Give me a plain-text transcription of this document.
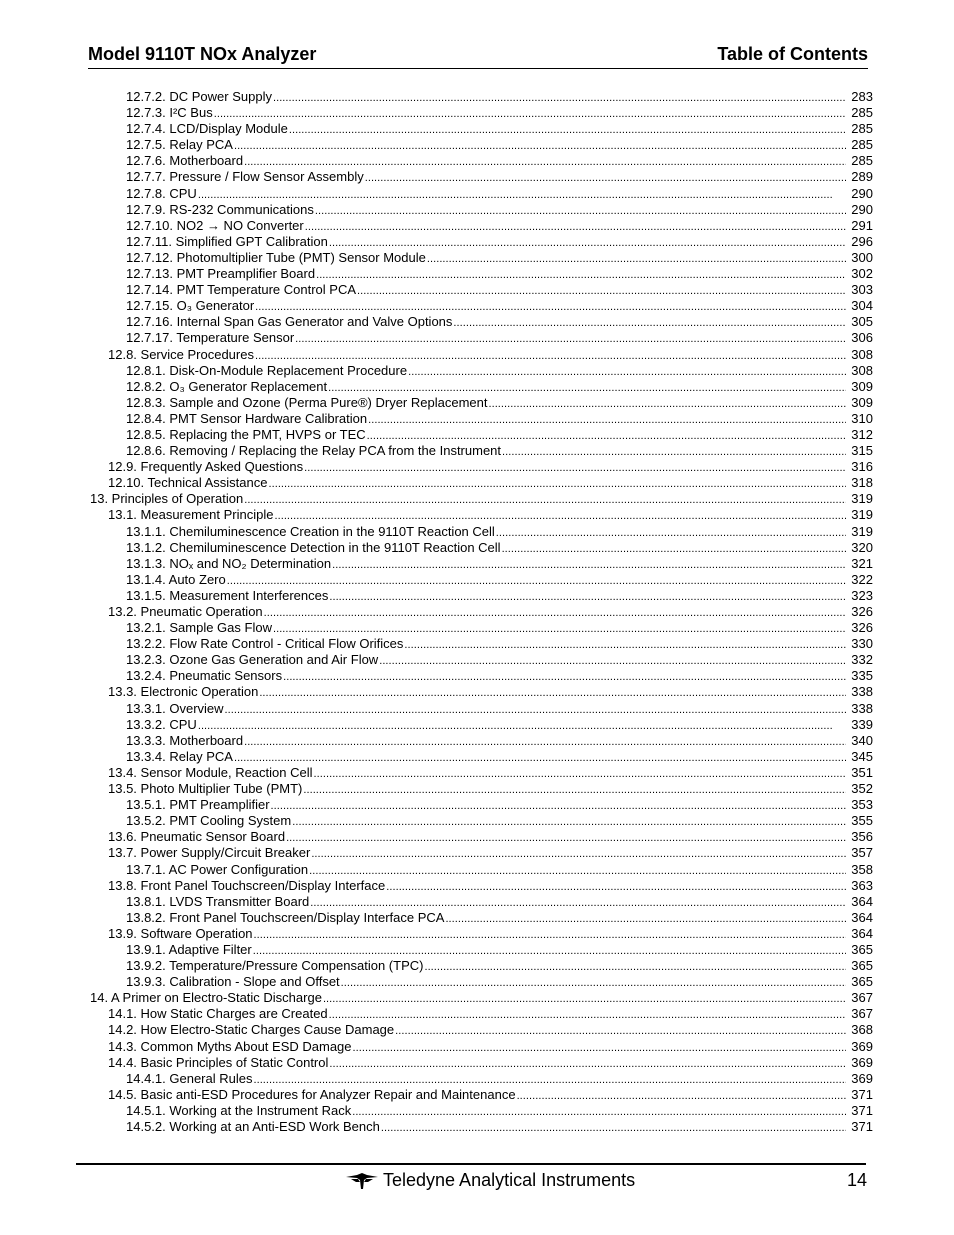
Model 9110T NOx Analyzer	Table of Contents
12.7.2. DC Power Supply . . .	283
12.7.3. I²C Bus . . .	285
12.7.4. LCD/Display Module . . .	285
12.7.5. Relay PCA . . .	285
12.7.6. Motherboard . . .	285
12.7.7. Pressure / Flow Sensor Assembly . . .	289
12.7.8. CPU . . .	290
12.7.9. RS-232 Communications . . .	290
12.7.10. NO2 → NO Converter . . .	291
12.7.11. Simplified GPT Calibration . . .	296
12.7.12. Photomultiplier Tube (PMT) Sensor Module . . .	300
12.7.13. PMT Preamplifier Board . . .	302
12.7.14. PMT Temperature Control PCA . . .	303
12.7.15. O₃ Generator . . .	304
12.7.16. Internal Span Gas Generator and Valve Options . . .	305
12.7.17. Temperature Sensor . . .	306
12.8. Service Procedures . . .	308
12.8.1. Disk-On-Module Replacement Procedure . . .	308
12.8.2. O₃ Generator Replacement . . .	309
12.8.3. Sample and Ozone (Perma Pure®) Dryer Replacement . . .	309
12.8.4. PMT Sensor Hardware Calibration . . .	310
12.8.5. Replacing the PMT, HVPS or TEC . . .	312
12.8.6. Removing / Replacing the Relay PCA from the Instrument . . .	315
12.9. Frequently Asked Questions . . .	316
12.10. Technical Assistance . . .	318
13. Principles of Operation . . .	319
13.1. Measurement Principle . . .	319
13.1.1. Chemiluminescence Creation in the 9110T Reaction Cell . . .	319
13.1.2. Chemiluminescence Detection in the 9110T Reaction Cell . . .	320
13.1.3. NOₓ and NO₂ Determination . . .	321
13.1.4. Auto Zero . . .	322
13.1.5. Measurement Interferences . . .	323
13.2. Pneumatic Operation . . .	326
13.2.1. Sample Gas Flow . . .	326
13.2.2. Flow Rate Control - Critical Flow Orifices . . .	330
13.2.3. Ozone Gas Generation and Air Flow . . .	332
13.2.4. Pneumatic Sensors . . .	335
13.3. Electronic Operation . . .	338
13.3.1. Overview . . .	338
13.3.2. CPU . . .	339
13.3.3. Motherboard . . .	340
13.3.4. Relay PCA . . .	345
13.4. Sensor Module, Reaction Cell . . .	351
13.5. Photo Multiplier Tube (PMT) . . .	352
13.5.1. PMT Preamplifier . . .	353
13.5.2. PMT Cooling System . . .	355
13.6. Pneumatic Sensor Board . . .	356
13.7. Power Supply/Circuit Breaker . . .	357
13.7.1. AC Power Configuration . . .	358
13.8. Front Panel Touchscreen/Display Interface . . .	363
13.8.1. LVDS Transmitter Board . . .	364
13.8.2. Front Panel Touchscreen/Display Interface PCA . . .	364
13.9. Software Operation . . .	364
13.9.1. Adaptive Filter . . .	365
13.9.2. Temperature/Pressure Compensation (TPC) . . .	365
13.9.3. Calibration - Slope and Offset . . .	365
14. A Primer on Electro-Static Discharge . . .	367
14.1. How Static Charges are Created . . .	367
14.2. How Electro-Static Charges Cause Damage . . .	368
14.3. Common Myths About ESD Damage . . .	369
14.4. Basic Principles of Static Control . . .	369
14.4.1. General Rules . . .	369
14.5. Basic anti-ESD Procedures for Analyzer Repair and Maintenance . . .	371
14.5.1. Working at the Instrument Rack . . .	371
14.5.2. Working at an Anti-ESD Work Bench . . .	371
Teledyne Analytical Instruments	14
